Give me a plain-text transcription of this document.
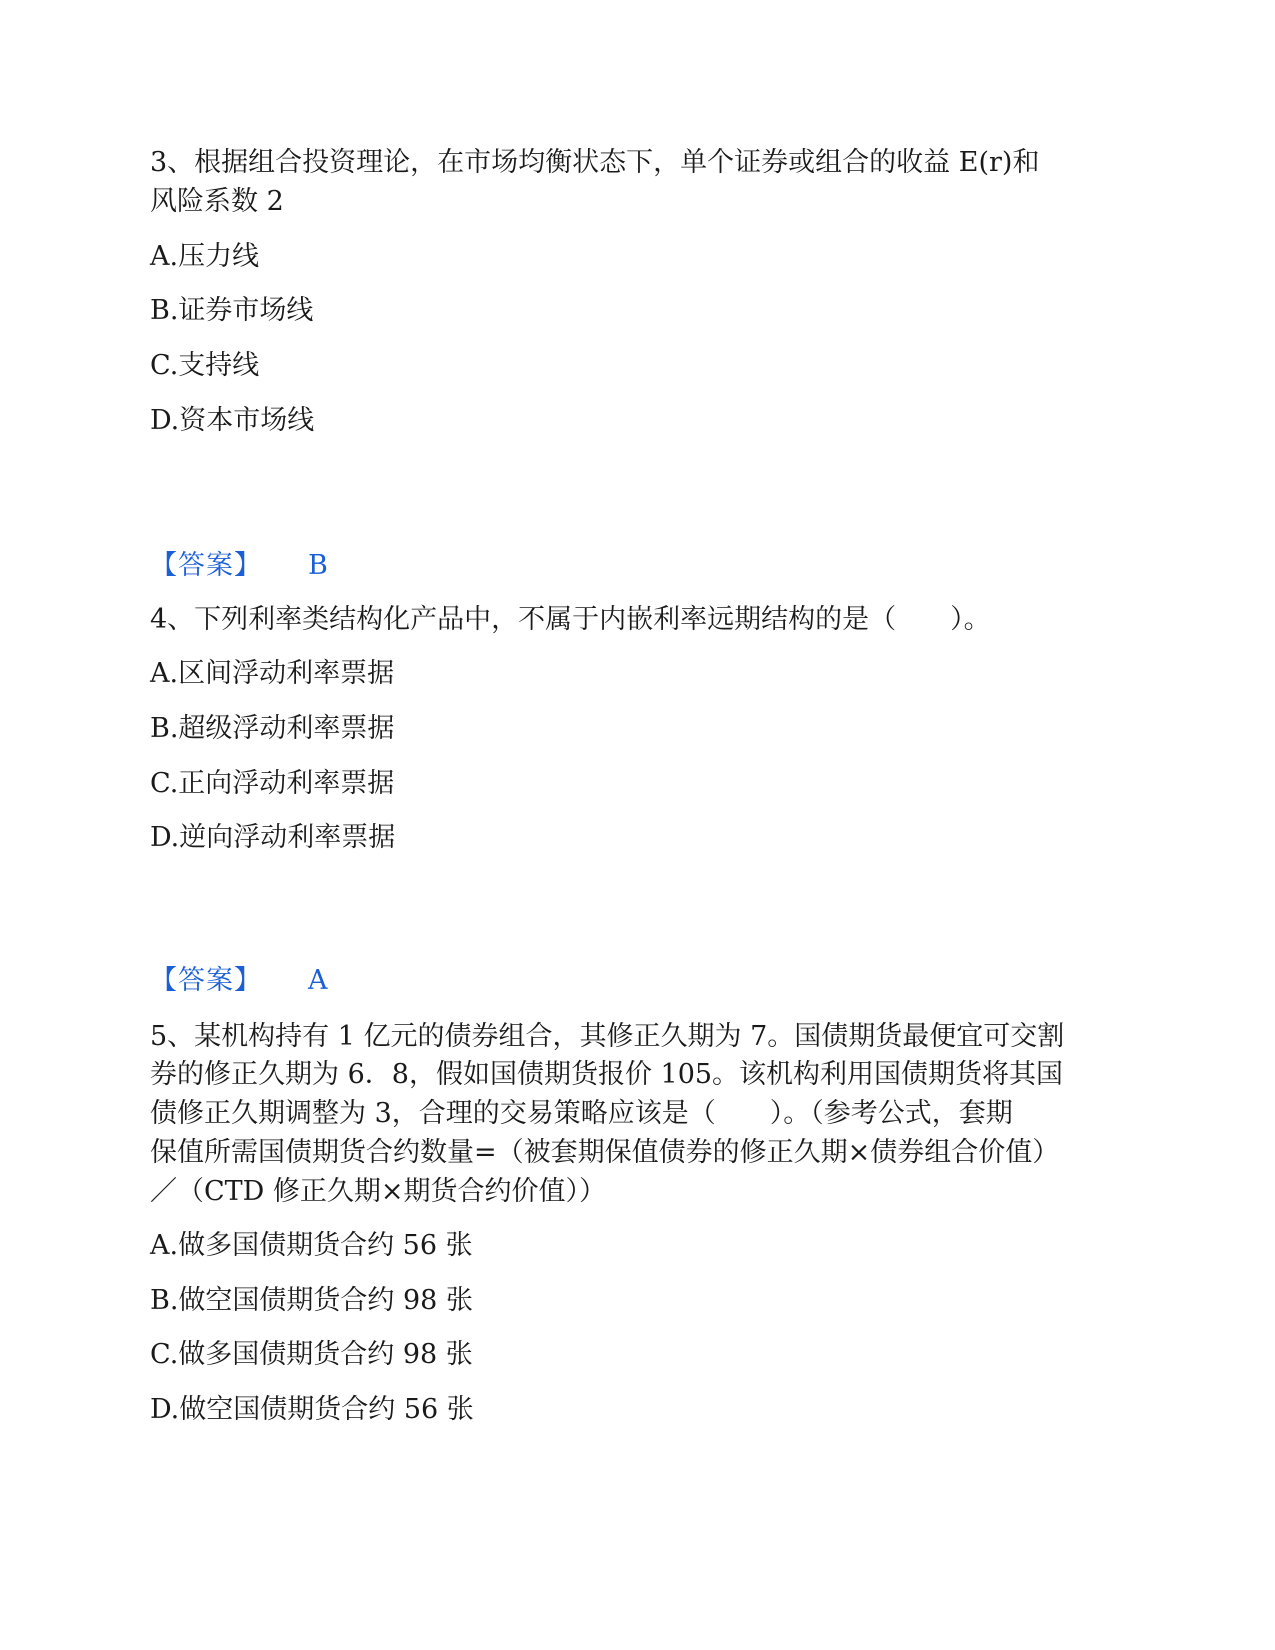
3、根据组合投资理论，在市场均衡状态下，单个证券或组合的收益 E(r)和
风险系数 2
A.压力线
B.证券市场线
C.支持线
D.资本市场线
【答案】 B
4、下列利率类结构化产品中，不属于内嵌利率远期结构的是（　　）。
A.区间浮动利率票据
B.超级浮动利率票据
C.正向浮动利率票据
D.逆向浮动利率票据
【答案】 A
5、某机构持有 1 亿元的债券组合，其修正久期为 7。国债期货最便宜可交割
券的修正久期为 6．8，假如国债期货报价 105。该机构利用国债期货将其国
债修正久期调整为 3，合理的交易策略应该是（　　）。（参考公式，套期
保值所需国债期货合约数量=（被套期保值债券的修正久期×债券组合价值）
／（CTD 修正久期×期货合约价值））
A.做多国债期货合约 56 张
B.做空国债期货合约 98 张
C.做多国债期货合约 98 张
D.做空国债期货合约 56 张
